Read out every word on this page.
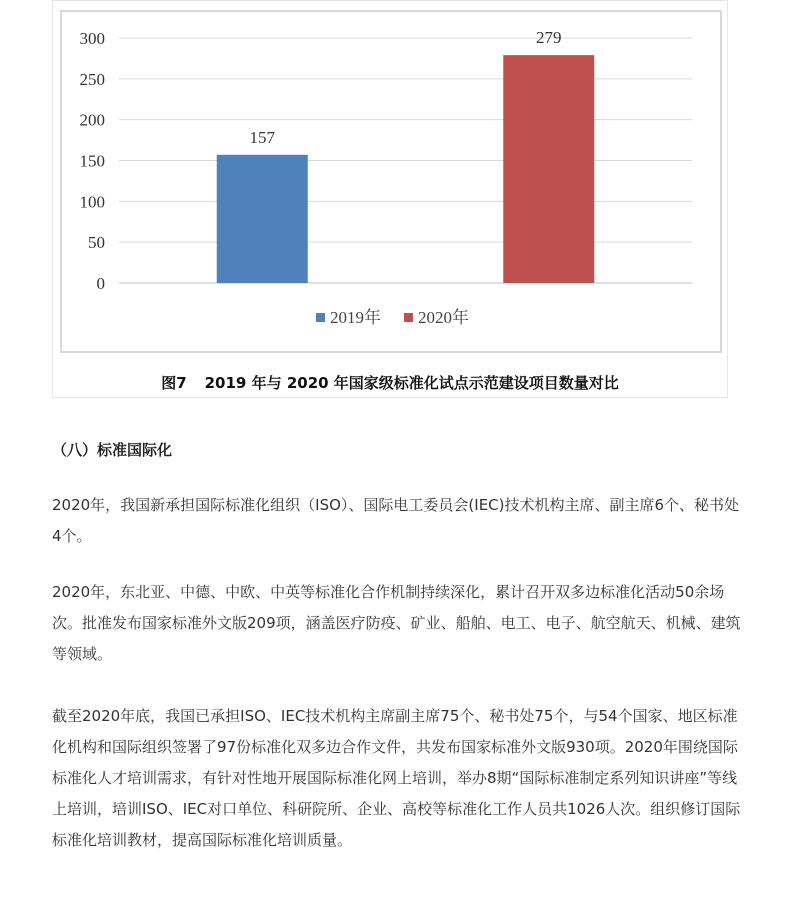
0
50
100
150
200
250
300
157
279
2019年 2020年
图7 2019 年与 2020 年国家级标准化试点示范建设项目数量对比
（八）标准国际化

2020年，我国新承担国际标准化组织（ISO）、国际电工委员会(IEC)技术机构主席、副主席6个、秘书处4个。

2020年，东北亚、中德、中欧、中英等标准化合作机制持续深化，累计召开双多边标准化活动50余场次。批准发布国家标准外文版209项，涵盖医疗防疫、矿业、船舶、电工、电子、航空航天、机械、建筑等领域。

截至2020年底，我国已承担ISO、IEC技术机构主席副主席75个、秘书处75个，与54个国家、地区标准化机构和国际组织签署了97份标准化双多边合作文件，共发布国家标准外文版930项。2020年围绕国际标准化人才培训需求，有针对性地开展国际标准化网上培训，举办8期“国际标准制定系列知识讲座”等线上培训，培训ISO、IEC对口单位、科研院所、企业、高校等标准化工作人员共1026人次。组织修订国际标准化培训教材，提高国际标准化培训质量。
